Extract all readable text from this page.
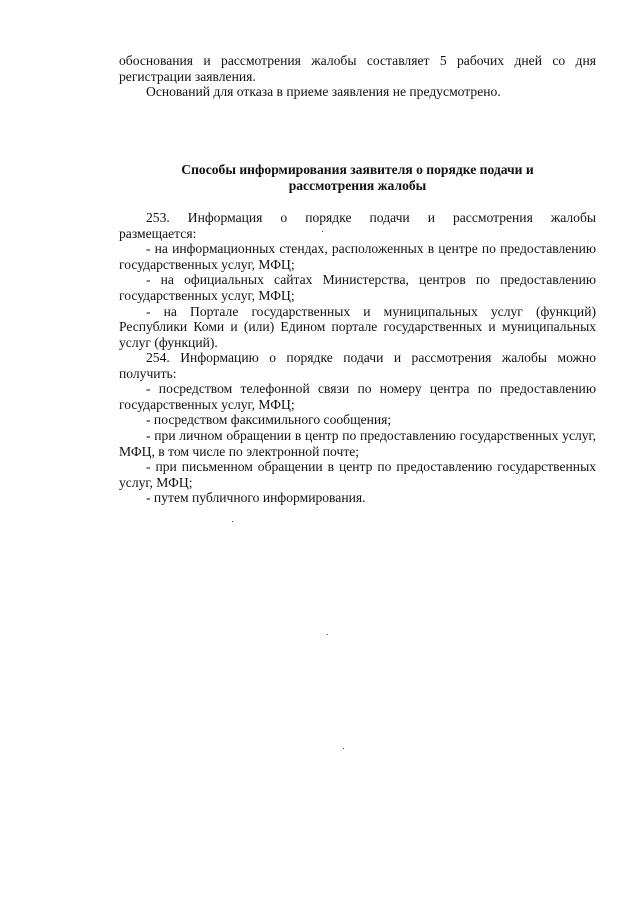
обоснования и рассмотрения жалобы составляет 5 рабочих дней со дня

регистрации заявления.

Оснований для отказа в приеме заявления не предусмотрено.

Способы информирования заявителя о порядке подачи и
рассмотрения жалобы

253. Информация о порядке подачи и рассмотрения жалобы

размещается:

- на информационных стендах, расположенных в центре по предоставлению государственных услуг, МФЦ;

- на официальных сайтах Министерства, центров по предоставлению государственных услуг, МФЦ;

- на Портале государственных и муниципальных услуг (функций) Республики Коми и (или) Едином портале государственных и муниципальных услуг (функций).

254. Информацию о порядке подачи и рассмотрения жалобы можно

получить:

- посредством телефонной связи по номеру центра по предоставлению государственных услуг, МФЦ;

- посредством факсимильного сообщения;

- при личном обращении в центр по предоставлению государственных услуг, МФЦ, в том числе по электронной почте;

- при письменном обращении в центр по предоставлению государственных услуг, МФЦ;

- путем публичного информирования.
